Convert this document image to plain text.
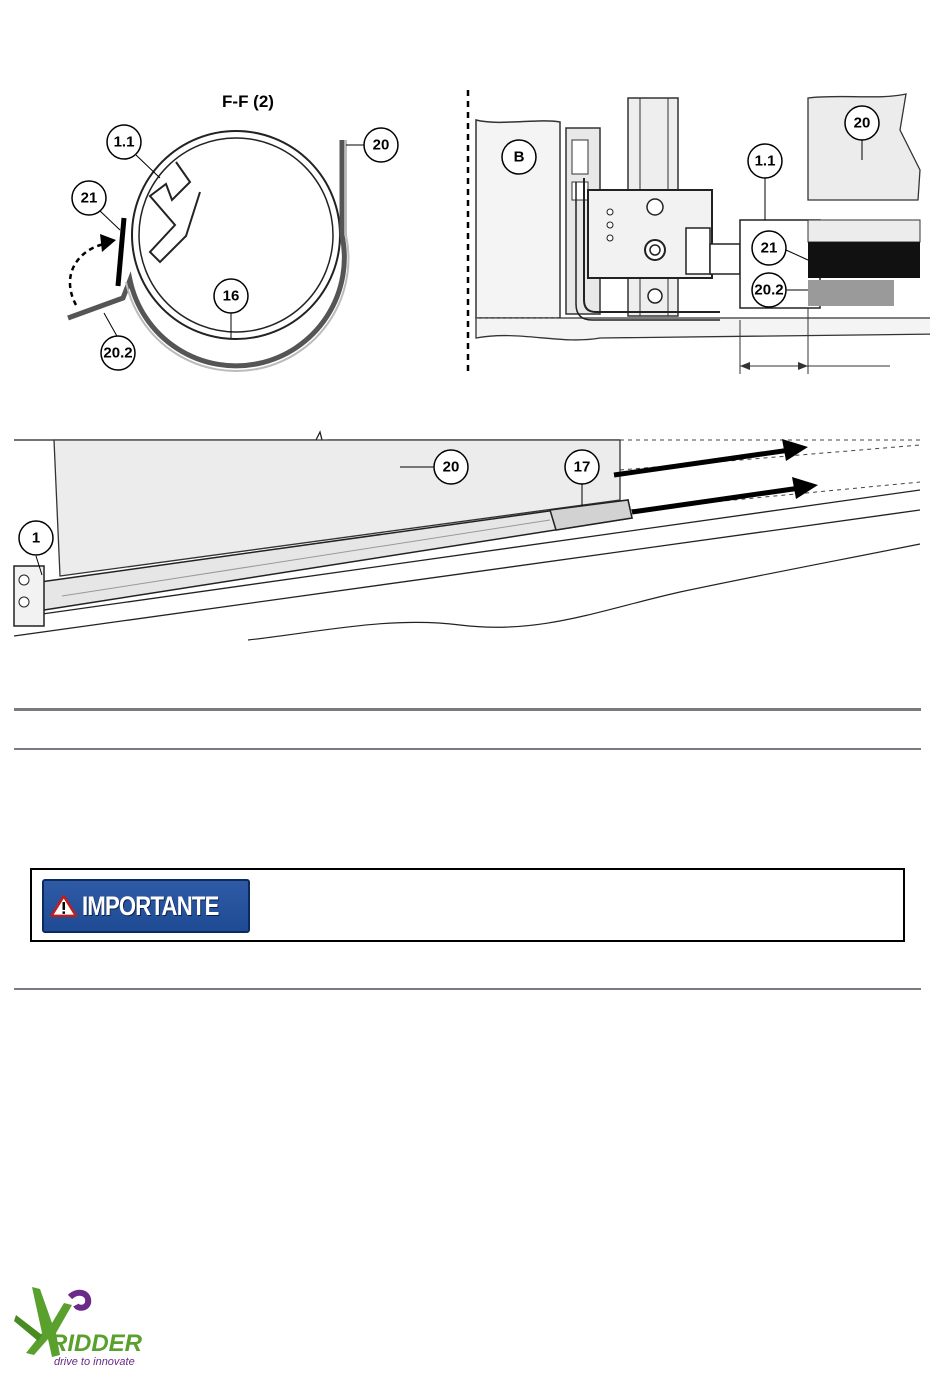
F-F (2)
1.1
21
20
16
20.2
B	1.1
20
21
20.2
20	17
1
IMPORTANTE
RIDDER
drive to innovate
